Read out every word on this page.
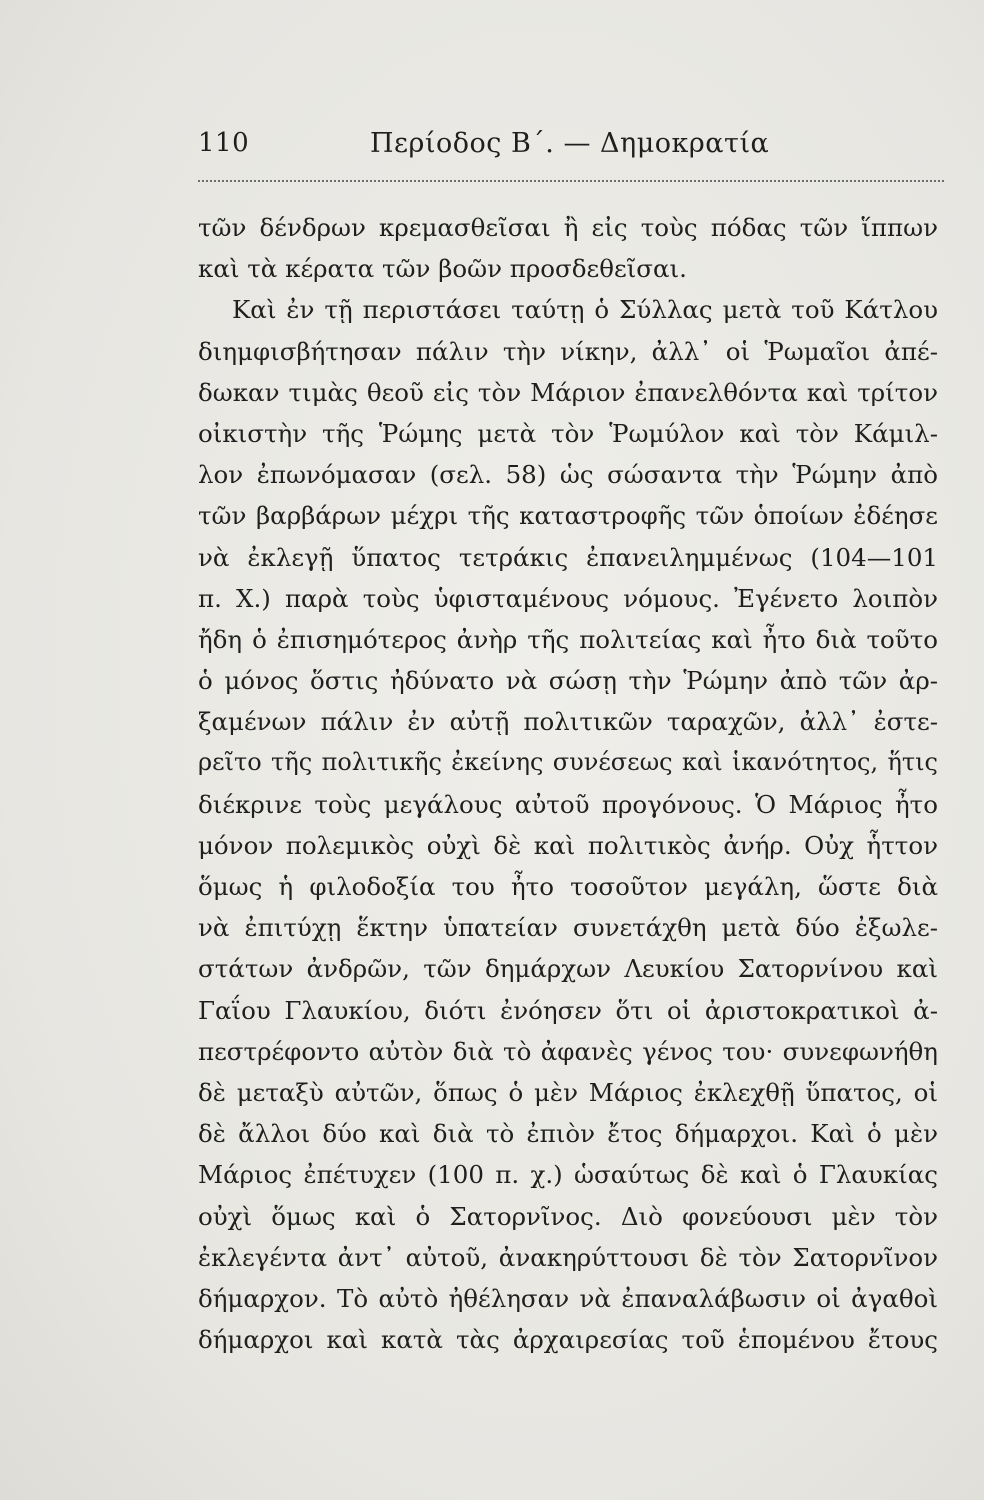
110	Περίοδος Β΄. — Δημοκρατία
τῶν δένδρων κρεμασθεῖσαι ἢ εἰς τοὺς πόδας τῶν ἵππων
καὶ τὰ κέρατα τῶν βοῶν προσδεθεῖσαι.
Καὶ ἐν τῇ περιστάσει ταύτῃ ὁ Σύλλας μετὰ τοῦ Κάτλου
διημφισβήτησαν πάλιν τὴν νίκην, ἀλλ᾽ οἱ Ῥωμαῖοι ἀπέ-
δωκαν τιμὰς θεοῦ εἰς τὸν Μάριον ἐπανελθόντα καὶ τρίτον
οἰκιστὴν τῆς Ῥώμης μετὰ τὸν Ῥωμύλον καὶ τὸν Κάμιλ-
λον ἐπωνόμασαν (σελ. 58) ὡς σώσαντα τὴν Ῥώμην ἀπὸ
τῶν βαρβάρων μέχρι τῆς καταστροφῆς τῶν ὁποίων ἐδέησε
νὰ ἐκλεγῇ ὕπατος τετράκις ἐπανειλημμένως (104—101
π. Χ.) παρὰ τοὺς ὑφισταμένους νόμους. Ἐγένετο λοιπὸν
ἤδη ὁ ἐπισημότερος ἀνὴρ τῆς πολιτείας καὶ ἦτο διὰ τοῦτο
ὁ μόνος ὅστις ἠδύνατο νὰ σώσῃ τὴν Ῥώμην ἀπὸ τῶν ἀρ-
ξαμένων πάλιν ἐν αὐτῇ πολιτικῶν ταραχῶν, ἀλλ᾽ ἐστε-
ρεῖτο τῆς πολιτικῆς ἐκείνης συνέσεως καὶ ἱκανότητος, ἥτις
διέκρινε τοὺς μεγάλους αὐτοῦ προγόνους. Ὁ Μάριος ἦτο
μόνον πολεμικὸς οὐχὶ δὲ καὶ πολιτικὸς ἀνήρ. Οὐχ ἧττον
ὅμως ἡ φιλοδοξία του ἦτο τοσοῦτον μεγάλη, ὥστε διὰ
νὰ ἐπιτύχῃ ἕκτην ὑπατείαν συνετάχθη μετὰ δύο ἐξωλε-
στάτων ἀνδρῶν, τῶν δημάρχων Λευκίου Σατορνίνου καὶ
Γαΐου Γλαυκίου, διότι ἐνόησεν ὅτι οἱ ἀριστοκρατικοὶ ἀ-
πεστρέφοντο αὐτὸν διὰ τὸ ἀφανὲς γένος του· συνεφωνήθη
δὲ μεταξὺ αὐτῶν, ὅπως ὁ μὲν Μάριος ἐκλεχθῇ ὕπατος, οἱ
δὲ ἄλλοι δύο καὶ διὰ τὸ ἐπιὸν ἔτος δήμαρχοι. Καὶ ὁ μὲν
Μάριος ἐπέτυχεν (100 π. χ.) ὡσαύτως δὲ καὶ ὁ Γλαυκίας
οὐχὶ ὅμως καὶ ὁ Σατορνῖνος. Διὸ φονεύουσι μὲν τὸν
ἐκλεγέντα ἀντ᾽ αὐτοῦ, ἀνακηρύττουσι δὲ τὸν Σατορνῖνον
δήμαρχον. Τὸ αὐτὸ ἠθέλησαν νὰ ἐπαναλάβωσιν οἱ ἀγαθοὶ
δήμαρχοι καὶ κατὰ τὰς ἀρχαιρεσίας τοῦ ἑπομένου ἔτους
